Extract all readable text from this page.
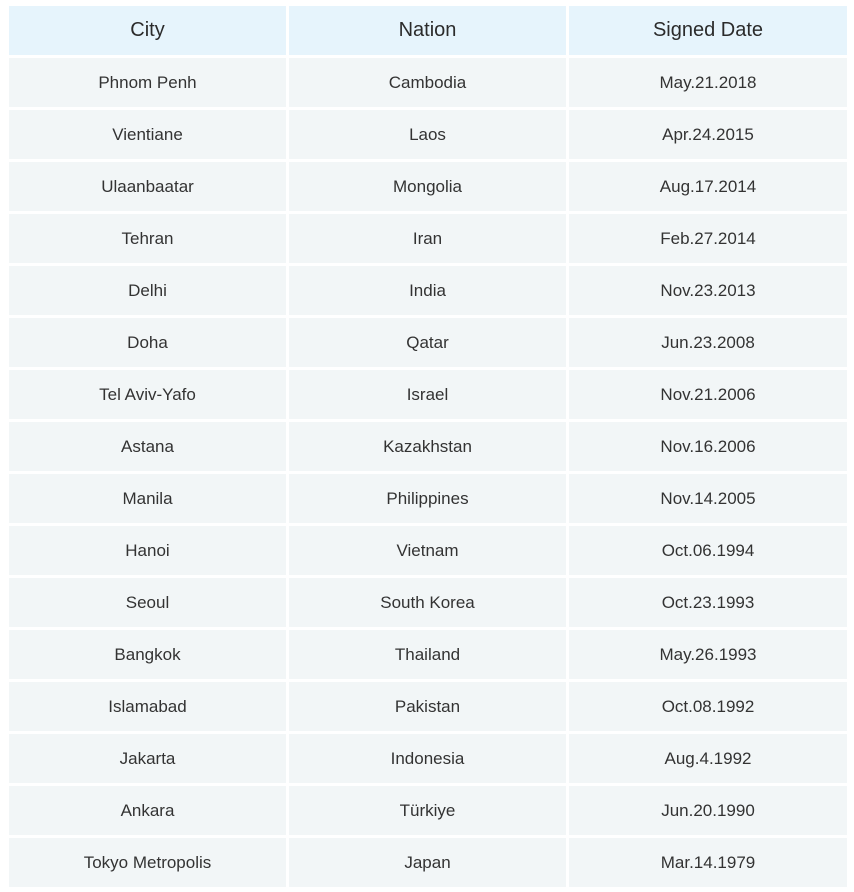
City	Nation	Signed Date
Phnom Penh	Cambodia	May.21.2018
Vientiane	Laos	Apr.24.2015
Ulaanbaatar	Mongolia	Aug.17.2014
Tehran	Iran	Feb.27.2014
Delhi	India	Nov.23.2013
Doha	Qatar	Jun.23.2008
Tel Aviv-Yafo	Israel	Nov.21.2006
Astana	Kazakhstan	Nov.16.2006
Manila	Philippines	Nov.14.2005
Hanoi	Vietnam	Oct.06.1994
Seoul	South Korea	Oct.23.1993
Bangkok	Thailand	May.26.1993
Islamabad	Pakistan	Oct.08.1992
Jakarta	Indonesia	Aug.4.1992
Ankara	Türkiye	Jun.20.1990
Tokyo Metropolis	Japan	Mar.14.1979
